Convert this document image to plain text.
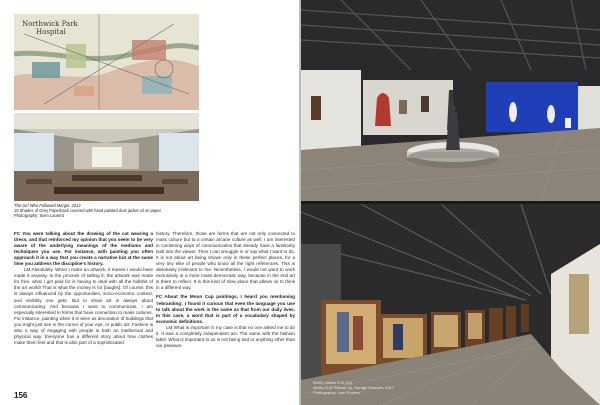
Northwick Park
Hospital
The Girl Who Followed Margie, 2012
10 Shades of Grey Paperback covered with hand painted dust jacket oil on paper
Photography: Sven Laurent

FC You were talking about the drawing of the cat wearing a dress, and that reinforced my opinion that you seem to be very aware of the underlying meanings of the mediums and techniques you use. For instance, with painting you often approach it in a way that you create a narrative but at the same time you address the discipline's history.

LM Absolutely. When I make an artwork, it means I would have made it anyway. In the process of selling it, the artwork was made for free, what I get paid for is having to deal with all the bullshit of the art world! That is what the money is for [laughs]. Of course, this is always influenced by the opportunities, socio-economic context, and visibility one gets. But to show art is always about communicating. And because I want to communicate, I am especially interested in forms that have connection to mass cultures. For instance, painting when it is seen as decoration of buildings that you might just see in the corner of your eye, or public art. Fashion is also a way of engaging with people in both an intellectual and physical way. Everyone has a different story about how clothes make them feel and that is also part of a sophisticated

history. Therefore, those are forms that are not only connected to mass culture but to a certain arcane culture as well. I am interested in combining ways of communication that already have a familiarity built into the viewer. Then I can smuggle in or say what I want to do. It is not about art being shown only in these perfect places, for a very tiny elite of people who know all the right references. This is absolutely irrelevant to me. Nevertheless, I would not want to work exclusively in a more mass-democratic way, because in the end art is there to reflect. It is this kind of slow place that allows us to think in a different way.

FC About the Moon Cup paintings, I heard you mentioning 'rebranding'. I found it curious that even the language you use to talk about the work is the same as that from our daily lives. In this case, a word that is part of a vocabulary shaped by economic definitions.

LM What is important in my case is that no one asked me to do it. It was a completely independent act. The same with the fashion label. What is important to us is not being tied to anything other than our pleasure

156
5000 | Atelier E.B (10)
Atelier E.B: Passer-by, Garage Moscow, 2017
Photography: Ivan Erofeev
